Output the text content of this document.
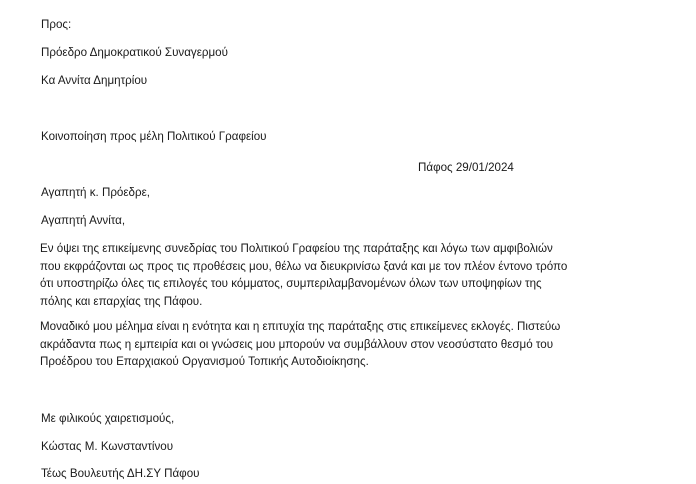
Προς:
Πρόεδρο Δημοκρατικού Συναγερμού
Κα Αννίτα Δημητρίου
Κοινοποίηση προς μέλη Πολιτικού Γραφείου
Πάφος 29/01/2024
Αγαπητή κ. Πρόεδρε,
Αγαπητή Αννίτα,
Εν όψει της επικείμενης συνεδρίας του Πολιτικού Γραφείου της παράταξης και λόγω των αμφιβολιών
που εκφράζονται ως προς τις προθέσεις μου, θέλω να διευκρινίσω ξανά και με τον πλέον έντονο τρόπο
ότι υποστηρίζω όλες τις επιλογές του κόμματος, συμπεριλαμβανομένων όλων των υποψηφίων της
πόλης και επαρχίας της Πάφου.
Μοναδικό μου μέλημα είναι η ενότητα και η επιτυχία της παράταξης στις επικείμενες εκλογές. Πιστεύω
ακράδαντα πως η εμπειρία και οι γνώσεις μου μπορούν να συμβάλλουν στον νεοσύστατο θεσμό του
Προέδρου του Επαρχιακού Οργανισμού Τοπικής Αυτοδιοίκησης.
Με φιλικούς χαιρετισμούς,
Κώστας Μ. Κωνσταντίνου
Τέως Βουλευτής ΔΗ.ΣΥ Πάφου
